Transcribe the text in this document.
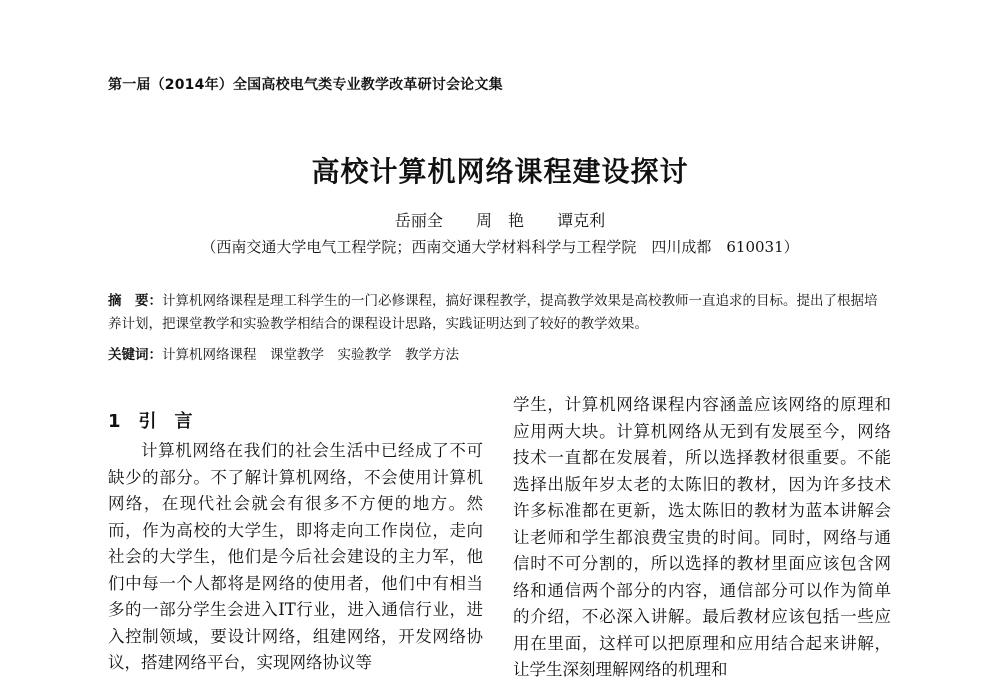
第一届（2014年）全国高校电气类专业教学改革研讨会论文集
高校计算机网络课程建设探讨
岳丽全 周　艳 谭克利
（西南交通大学电气工程学院；西南交通大学材料科学与工程学院　四川成都　610031）
摘　要：计算机网络课程是理工科学生的一门必修课程，搞好课程教学，提高教学效果是高校教师一直追求的目标。提出了根据培养计划，把课堂教学和实验教学相结合的课程设计思路，实践证明达到了较好的教学效果。
关键词：计算机网络课程　课堂教学　实验教学　教学方法
1 引　言
计算机网络在我们的社会生活中已经成了不可缺少的部分。不了解计算机网络，不会使用计算机网络，在现代社会就会有很多不方便的地方。然而，作为高校的大学生，即将走向工作岗位，走向社会的大学生，他们是今后社会建设的主力军，他们中每一个人都将是网络的使用者，他们中有相当多的一部分学生会进入IT行业，进入通信行业，进入控制领域，要设计网络，组建网络，开发网络协议，搭建网络平台，实现网络协议等
学生，计算机网络课程内容涵盖应该网络的原理和应用两大块。计算机网络从无到有发展至今，网络技术一直都在发展着，所以选择教材很重要。不能选择出版年岁太老的太陈旧的教材，因为许多技术许多标准都在更新，选太陈旧的教材为蓝本讲解会让老师和学生都浪费宝贵的时间。同时，网络与通信时不可分割的，所以选择的教材里面应该包含网络和通信两个部分的内容，通信部分可以作为简单的介绍，不必深入讲解。最后教材应该包括一些应用在里面，这样可以把原理和应用结合起来讲解，让学生深刻理解网络的机理和
